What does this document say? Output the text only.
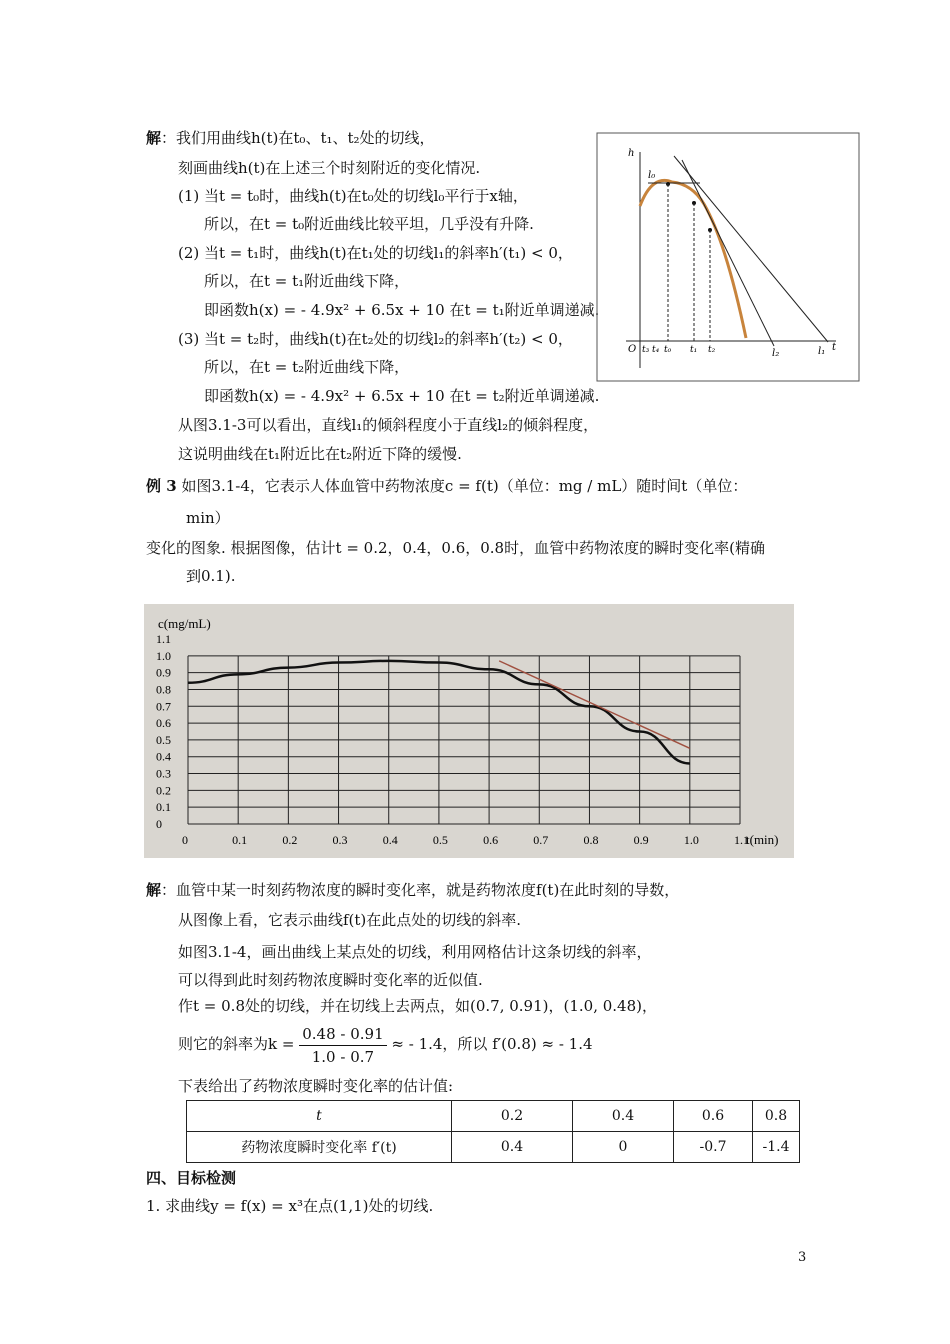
解：我们用曲线h(t)在t₀、t₁、t₂处的切线，
刻画曲线h(t)在上述三个时刻附近的变化情况.
(1) 当t = t₀时，曲线h(t)在t₀处的切线l₀平行于x轴，
所以，在t = t₀附近曲线比较平坦，几乎没有升降.
(2) 当t = t₁时，曲线h(t)在t₁处的切线l₁的斜率h′(t₁) < 0，
所以，在t = t₁附近曲线下降，
即函数h(x) = - 4.9x² + 6.5x + 10 在t = t₁附近单调递减.
(3) 当t = t₂时，曲线h(t)在t₂处的切线l₂的斜率h′(t₂) < 0，
所以，在t = t₂附近曲线下降，
即函数h(x) = - 4.9x² + 6.5x + 10 在t = t₂附近单调递减.
从图3.1-3可以看出，直线l₁的倾斜程度小于直线l₂的倾斜程度，
这说明曲线在t₁附近比在t₂附近下降的缓慢.
h
t
O
l₀
l₁
l₂
t₃ t₄ t₀ t₁ t₂
例 3 如图3.1-4，它表示人体血管中药物浓度c = f(t)（单位：mg / mL）随时间t（单位：
min）
变化的图象. 根据图像，估计t = 0.2，0.4，0.6，0.8时，血管中药物浓度的瞬时变化率(精确
到0.1).
c(mg/mL)
t(min)
0	0.1	0.2	0.3	0.4	0.5	0.6	0.7	0.8	0.9	1.0	1.1
1.1
1.0
0.9
0.8
0.7
0.6
0.5
0.4
0.3
0.2
0.1
0
解：血管中某一时刻药物浓度的瞬时变化率，就是药物浓度f(t)在此时刻的导数，
从图像上看，它表示曲线f(t)在此点处的切线的斜率.
如图3.1-4，画出曲线上某点处的切线，利用网格估计这条切线的斜率，
可以得到此时刻药物浓度瞬时变化率的近似值.
作t = 0.8处的切线，并在切线上去两点，如(0.7, 0.91)，(1.0, 0.48)，
则它的斜率为$k = \frac{0.48 - 0.91}{1.0 - 0.7}$ ≈ - 1.4，所以 f′(0.8) ≈ - 1.4
下表给出了药物浓度瞬时变化率的估计值:
t	0.2	0.4	0.6	0.8
药物浓度瞬时变化率 f′(t)	0.4	0	-0.7	-1.4
四、目标检测
1. 求曲线y = f(x) = x³在点(1,1)处的切线.
3
